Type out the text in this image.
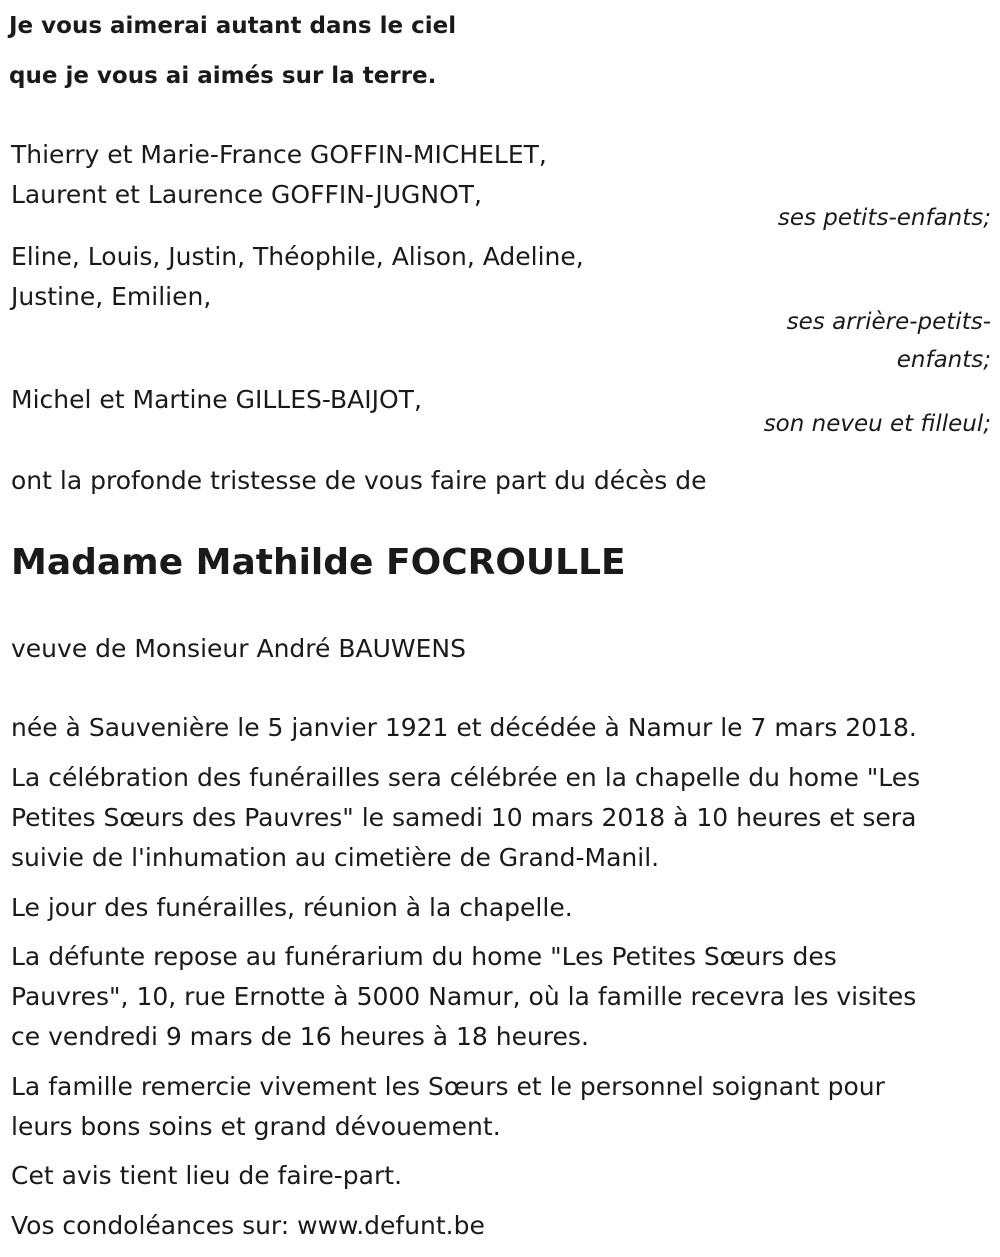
Je vous aimerai autant dans le ciel
que je vous ai aimés sur la terre.
Thierry et Marie-France GOFFIN-MICHELET,
Laurent et Laurence GOFFIN-JUGNOT,
ses petits-enfants;
Eline, Louis, Justin, Théophile, Alison, Adeline,
Justine, Emilien,
ses arrière-petits-
enfants;
Michel et Martine GILLES-BAIJOT,
son neveu et filleul;
ont la profonde tristesse de vous faire part du décès de
Madame Mathilde FOCROULLE
veuve de Monsieur André BAUWENS
née à Sauvenière le 5 janvier 1921 et décédée à Namur le 7 mars 2018.
La célébration des funérailles sera célébrée en la chapelle du home "Les
Petites Sœurs des Pauvres" le samedi 10 mars 2018 à 10 heures et sera
suivie de l'inhumation au cimetière de Grand-Manil.
Le jour des funérailles, réunion à la chapelle.
La défunte repose au funérarium du home "Les Petites Sœurs des
Pauvres", 10, rue Ernotte à 5000 Namur, où la famille recevra les visites
ce vendredi 9 mars de 16 heures à 18 heures.
La famille remercie vivement les Sœurs et le personnel soignant pour
leurs bons soins et grand dévouement.
Cet avis tient lieu de faire-part.
Vos condoléances sur: www.defunt.be
